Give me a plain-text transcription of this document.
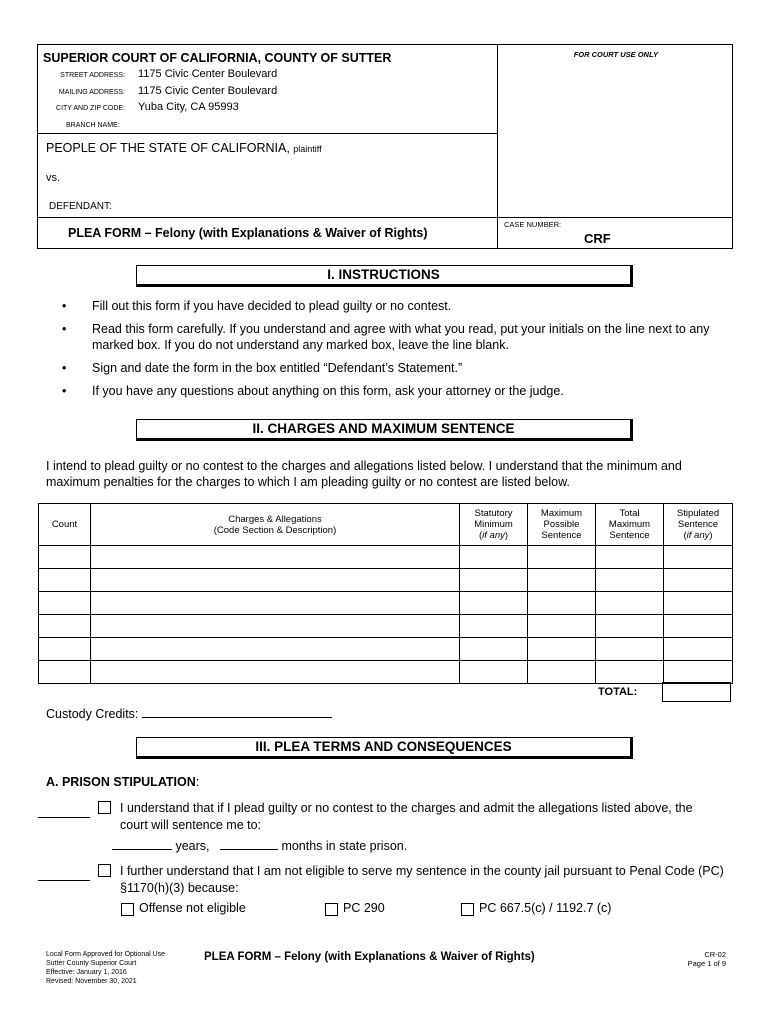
SUPERIOR COURT OF CALIFORNIA, COUNTY OF SUTTER
STREET ADDRESS: 1175 Civic Center Boulevard
MAILING ADDRESS: 1175 Civic Center Boulevard
CITY AND ZIP CODE: Yuba City, CA 95993
BRANCH NAME:
PEOPLE OF THE STATE OF CALIFORNIA, plaintiff
vs.
DEFENDANT:
PLEA FORM – Felony (with Explanations & Waiver of Rights)
FOR COURT USE ONLY
CASE NUMBER:
CRF
I. INSTRUCTIONS
• Fill out this form if you have decided to plead guilty or no contest.
• Read this form carefully. If you understand and agree with what you read, put your initials on the line next to any marked box. If you do not understand any marked box, leave the line blank.
• Sign and date the form in the box entitled “Defendant’s Statement.”
• If you have any questions about anything on this form, ask your attorney or the judge.
II. CHARGES AND MAXIMUM SENTENCE
I intend to plead guilty or no contest to the charges and allegations listed below. I understand that the minimum and maximum penalties for the charges to which I am pleading guilty or no contest are listed below.
Count	Charges & Allegations
(Code Section & Description)	Statutory
Minimum
(if any)	Maximum
Possible
Sentence	Total
Maximum
Sentence	Stipulated
Sentence
(if any)

TOTAL:
Custody Credits:
III. PLEA TERMS AND CONSEQUENCES
A. PRISON STIPULATION:
I understand that if I plead guilty or no contest to the charges and admit the allegations listed above, the court will sentence me to:
years,	months in state prison.
I further understand that I am not eligible to serve my sentence in the county jail pursuant to Penal Code (PC) §1170(h)(3) because:
Offense not eligible	PC 290	PC 667.5(c) / 1192.7 (c)
Local Form Approved for Optional Use
Sutter County Superior Court
Effective: January 1, 2016
Revised: November 30, 2021
PLEA FORM – Felony (with Explanations & Waiver of Rights)	CR-02
Page 1 of 9
